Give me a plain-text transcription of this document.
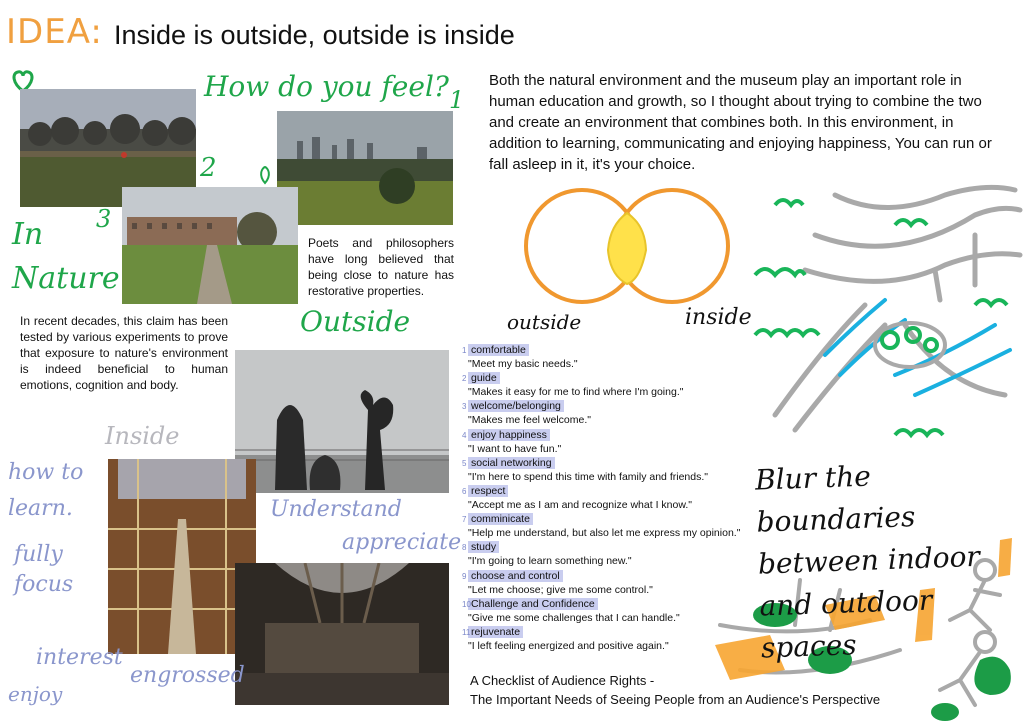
IDEA: Inside is outside, outside is inside
How do you feel? 1
2
3
In Nature
Outside
Inside
how to learn.
fully focus
Understand
appreciate
interest
enjoy
engrossed
Both the natural environment and the museum play an important role in human education and growth, so I thought about trying to combine the two and create an environment that combines both. In this environment, in addition to learning, communicating and enjoying happiness, You can run or fall asleep in it, it's your choice.
Poets and philosophers have long believed that being close to nature has restorative properties.
In recent decades, this claim has been tested by various experiments to prove that exposure to nature's environment is indeed beneficial to human emotions, cognition and body.
outside	inside
1 comfortable
"Meet my basic needs."
2 guide
"Makes it easy for me to find where I'm going."
3 welcome/belonging
"Makes me feel welcome."
4 enjoy happiness
"I want to have fun."
5 social networking
"I'm here to spend this time with family and friends."
6 respect
"Accept me as I am and recognize what I know."
7 comminicate
"Help me understand, but also let me express my opinion."
8 study
"I'm going to learn something new."
9 choose and control
"Let me choose; give me some control."
10 Challenge and Confidence
"Give me some challenges that I can handle."
11 rejuvenate
"I left feeling energized and positive again."
A Checklist of Audience Rights -
The Important Needs of Seeing People from an Audience's Perspective
Blur the boundaries between indoor and outdoor spaces
